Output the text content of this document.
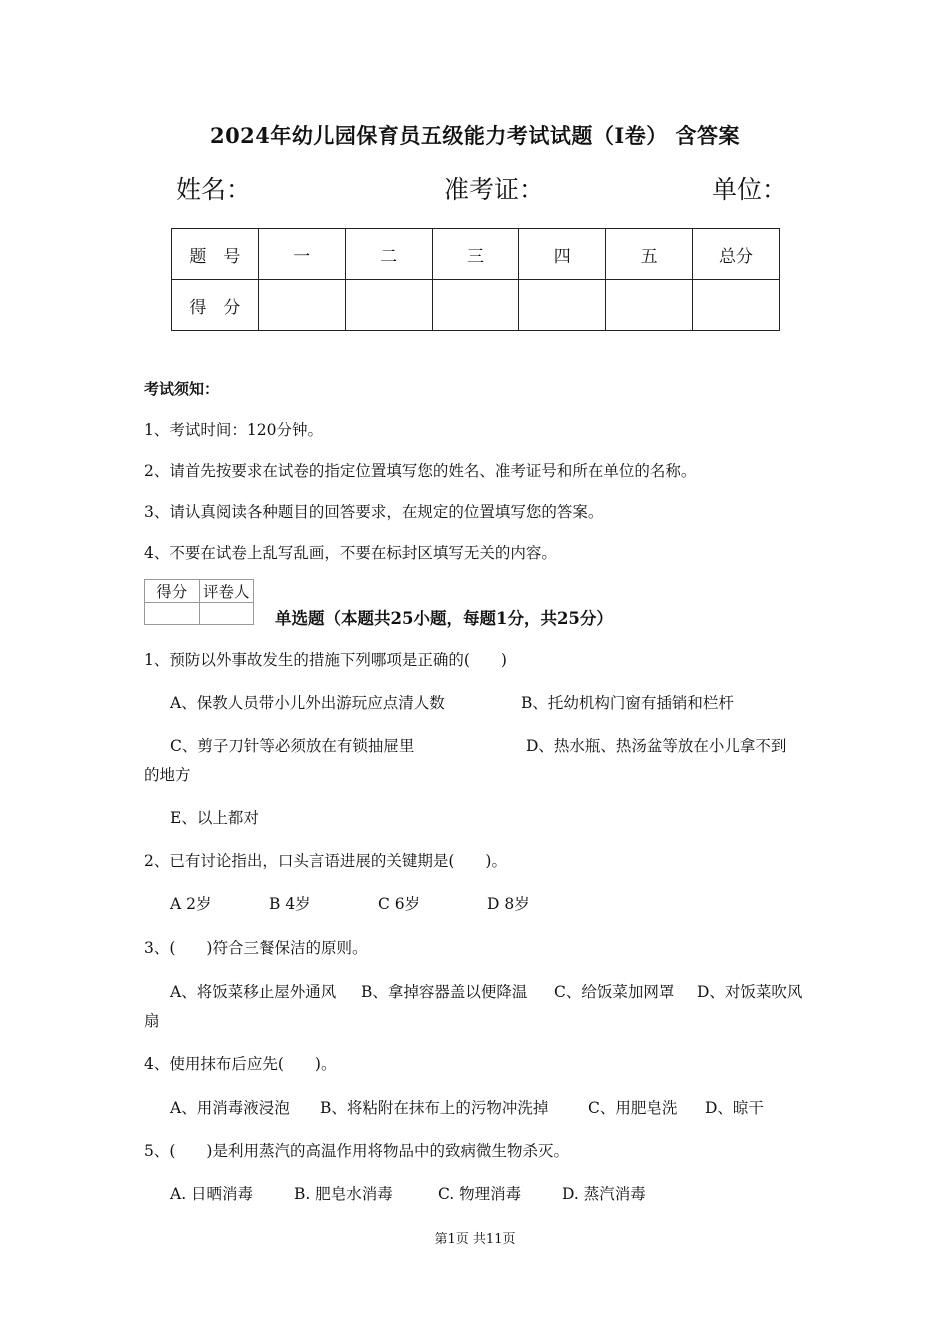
2024年幼儿园保育员五级能力考试试题（I卷） 含答案
姓名：	准考证：	单位：
题　号	一	二	三	四	五	总分
得　分						
考试须知：
1、考试时间：120分钟。
2、请首先按要求在试卷的指定位置填写您的姓名、准考证号和所在单位的名称。
3、请认真阅读各种题目的回答要求，在规定的位置填写您的答案。
4、不要在试卷上乱写乱画，不要在标封区填写无关的内容。
得分	评卷人

单选题（本题共25小题，每题1分，共25分）
1、预防以外事故发生的措施下列哪项是正确的(　　)
A、保教人员带小儿外出游玩应点清人数	B、托幼机构门窗有插销和栏杆
C、剪子刀针等必须放在有锁抽屉里	D、热水瓶、热汤盆等放在小儿拿不到
的地方
E、以上都对
2、已有讨论指出，口头言语进展的关键期是(　　)。
A 2岁	B 4岁	C 6岁	D 8岁
3、(　　)符合三餐保洁的原则。
A、将饭菜移止屋外通风 B、拿掉容器盖以便降温 C、给饭菜加网罩 D、对饭菜吹风
扇
4、使用抹布后应先(　　)。
A、用消毒液浸泡 B、将粘附在抹布上的污物冲洗掉	C、用肥皂洗 D、晾干
5、(　　)是利用蒸汽的高温作用将物品中的致病微生物杀灭。
A. 日晒消毒	B. 肥皂水消毒	C. 物理消毒	D. 蒸汽消毒
第1页 共11页
